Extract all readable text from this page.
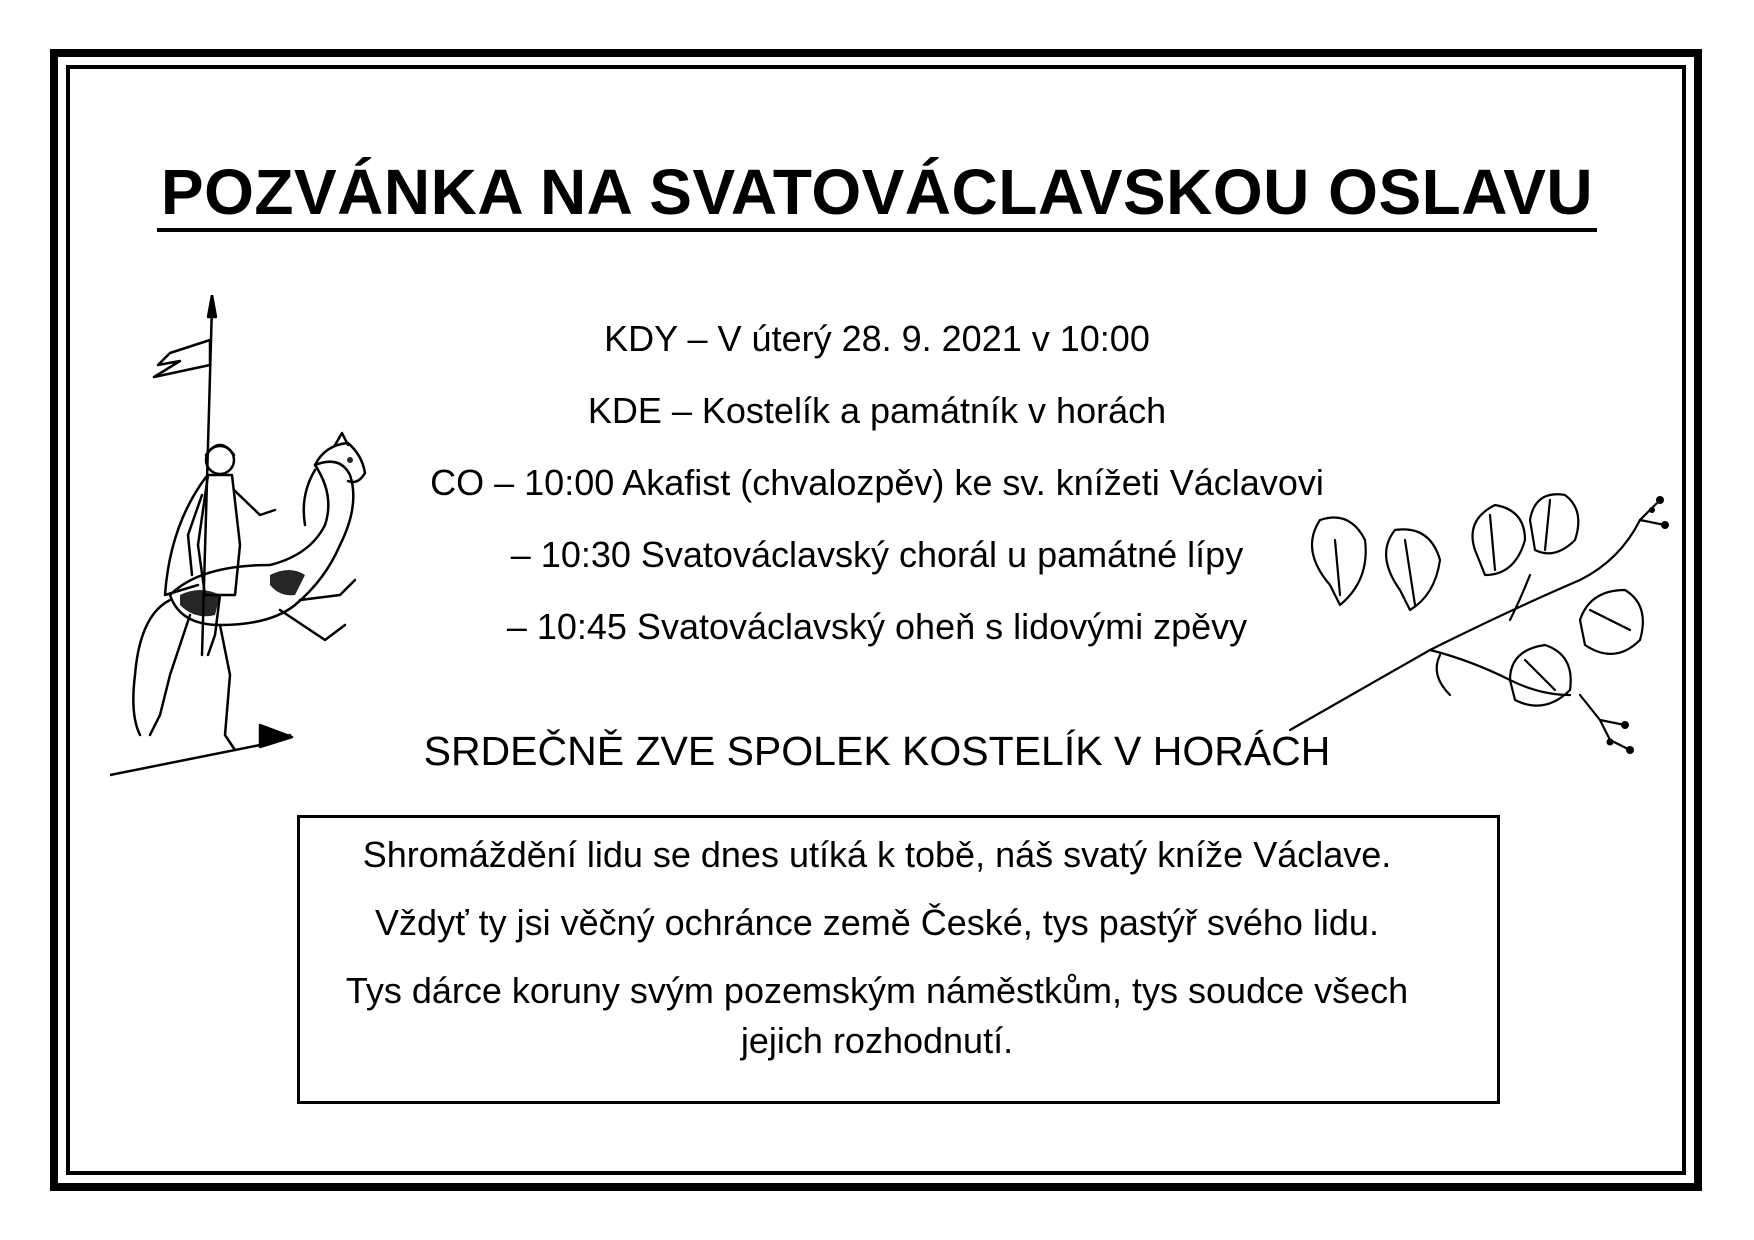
POZVÁNKA NA SVATOVÁCLAVSKOU OSLAVU
KDY – V úterý 28. 9. 2021 v 10:00
KDE – Kostelík a památník v horách
CO – 10:00 Akafist (chvalozpěv) ke sv. knížeti Václavovi
– 10:30 Svatováclavský chorál u památné lípy
– 10:45 Svatováclavský oheň s lidovými zpěvy
SRDEČNĚ ZVE SPOLEK KOSTELÍK V HORÁCH
Shromáždění lidu se dnes utíká k tobě, náš svatý kníže Václave.
Vždyť ty jsi věčný ochránce země České, tys pastýř svého lidu.
Tys dárce koruny svým pozemským náměstkům, tys soudce všech
jejich rozhodnutí.
